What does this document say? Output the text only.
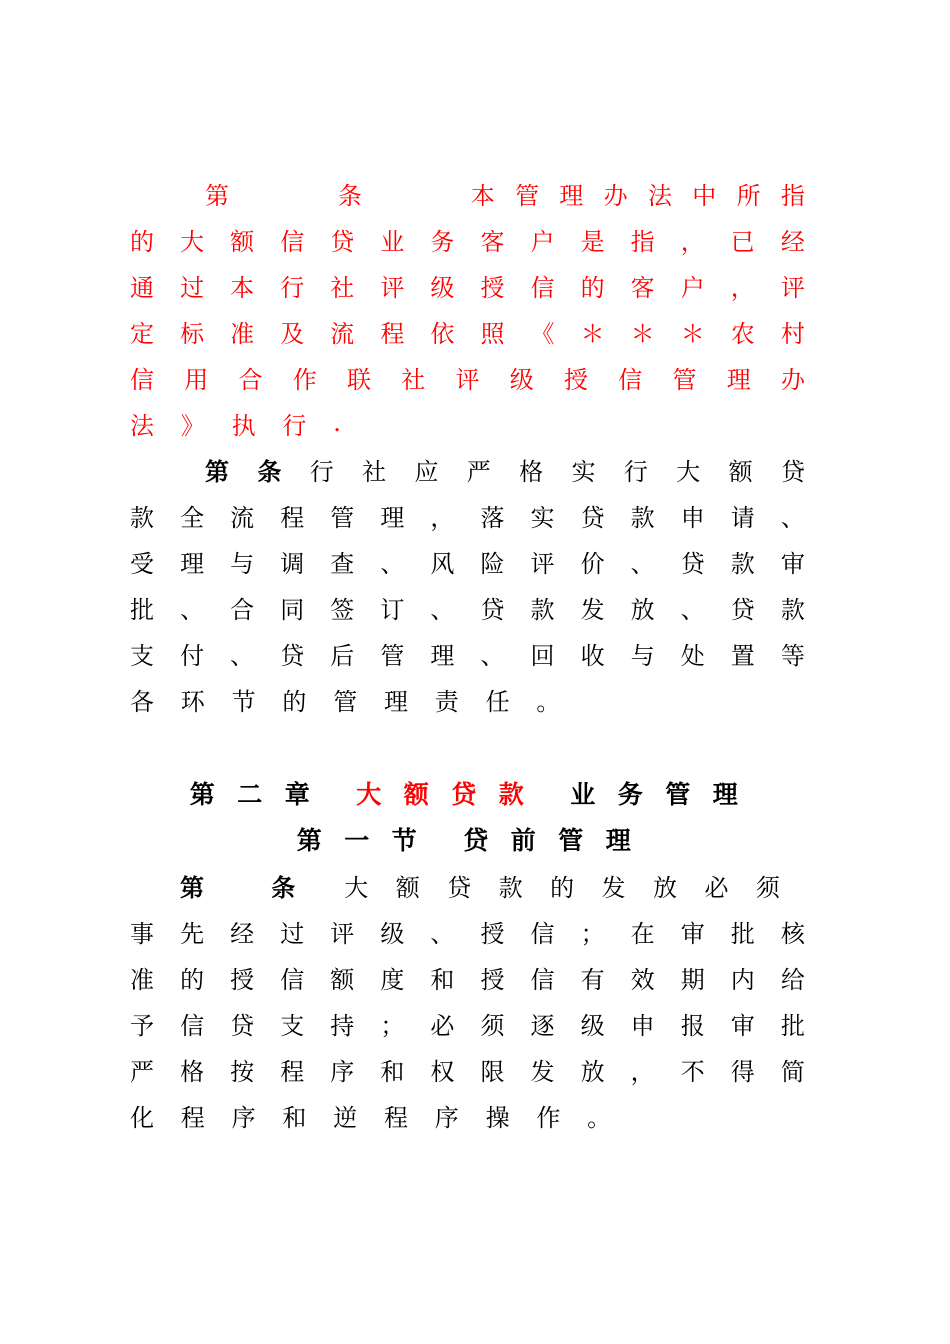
第

　	条

　	本 管 理 办 法 中 所 指
的 大 额 信 贷 业 务 客 户 是 指 ， 已 经
通 过 本 行 社 评 级 授 信 的 客 户 ， 评
定 标 准 及 流 程 依 照 《 ＊ ＊ ＊ 农 村
信 用 合 作 联 社 评 级 授 信 管 理 办
法 》 执 行 .
第 条 行 社 应 严 格 实 行 大 额 贷
款 全 流 程 管 理 ， 落 实 贷 款 申 请 、
受 理 与 调 查 、 风 险 评 价 、 贷 款 审
批 、 合 同 签 订 、 贷 款 发 放 、 贷 款
支 付 、 贷 后 管 理 、 回 收 与 处 置 等
各 环 节 的 管 理 责 任 。
第二章 大额贷款 业务管理
第一节 贷前管理
第　条 大 额 贷 款 的 发 放 必 须
事 先 经 过 评 级 、 授 信 ； 在 审 批 核
准 的 授 信 额 度 和 授 信 有 效 期 内 给
予 信 贷 支 持 ； 必 须 逐 级 申 报 审 批
严 格 按 程 序 和 权 限 发 放 ， 不 得 简
化 程 序 和 逆 程 序 操 作 。
